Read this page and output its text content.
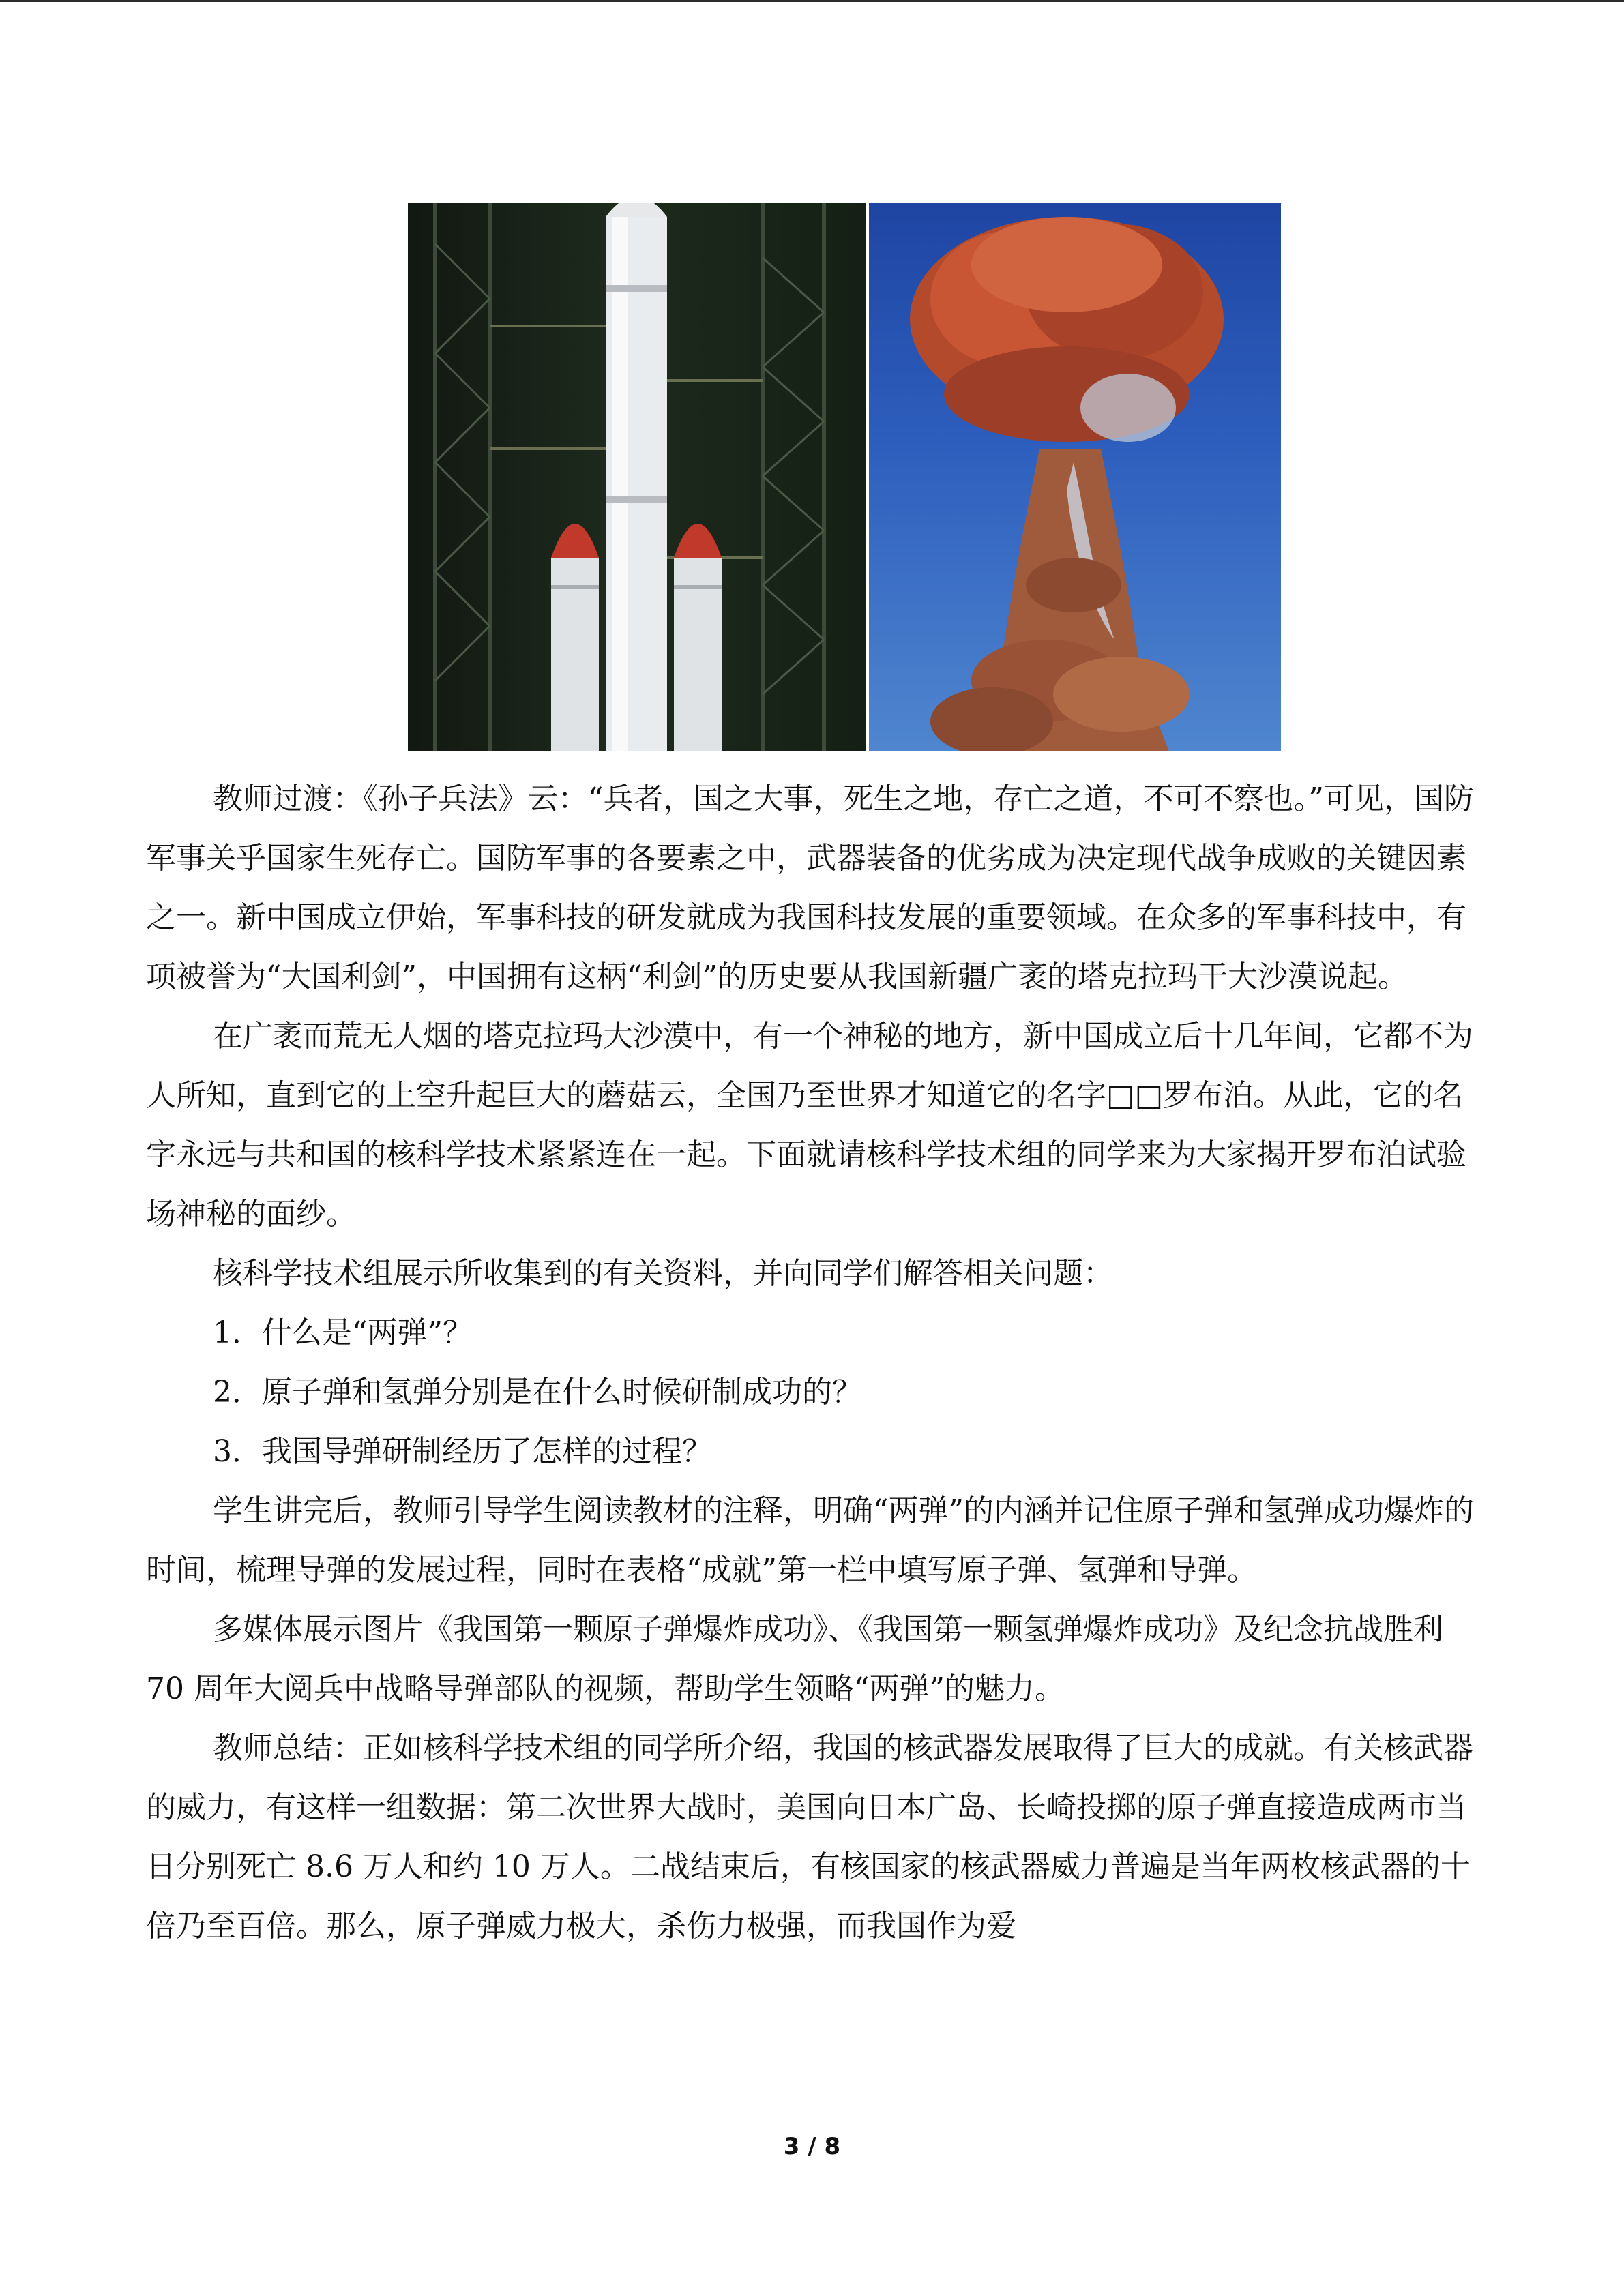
教师过渡：《孙子兵法》云：“兵者，国之大事，死生之地，存亡之道，不可不察也。”可见，国防军事关乎国家生死存亡。国防军事的各要素之中，武器装备的优劣成为决定现代战争成败的关键因素之一。新中国成立伊始，军事科技的研发就成为我国科技发展的重要领域。在众多的军事科技中，有项被誉为“大国利剑”，中国拥有这柄“利剑”的历史要从我国新疆广袤的塔克拉玛干大沙漠说起。

在广袤而荒无人烟的塔克拉玛大沙漠中，有一个神秘的地方，新中国成立后十几年间，它都不为人所知，直到它的上空升起巨大的蘑菇云，全国乃至世界才知道它的名字□□罗布泊。从此，它的名字永远与共和国的核科学技术紧紧连在一起。下面就请核科学技术组的同学来为大家揭开罗布泊试验场神秘的面纱。

核科学技术组展示所收集到的有关资料，并向同学们解答相关问题：

1．什么是“两弹”？

2．原子弹和氢弹分别是在什么时候研制成功的？

3．我国导弹研制经历了怎样的过程？

学生讲完后，教师引导学生阅读教材的注释，明确“两弹”的内涵并记住原子弹和氢弹成功爆炸的时间，梳理导弹的发展过程，同时在表格“成就”第一栏中填写原子弹、氢弹和导弹。

多媒体展示图片《我国第一颗原子弹爆炸成功》、《我国第一颗氢弹爆炸成功》及纪念抗战胜利 70 周年大阅兵中战略导弹部队的视频，帮助学生领略“两弹”的魅力。

教师总结：正如核科学技术组的同学所介绍，我国的核武器发展取得了巨大的成就。有关核武器的威力，有这样一组数据：第二次世界大战时，美国向日本广岛、长崎投掷的原子弹直接造成两市当日分别死亡 8.6 万人和约 10 万人。二战结束后，有核国家的核武器威力普遍是当年两枚核武器的十倍乃至百倍。那么，原子弹威力极大，杀伤力极强，而我国作为爱

3 / 8
